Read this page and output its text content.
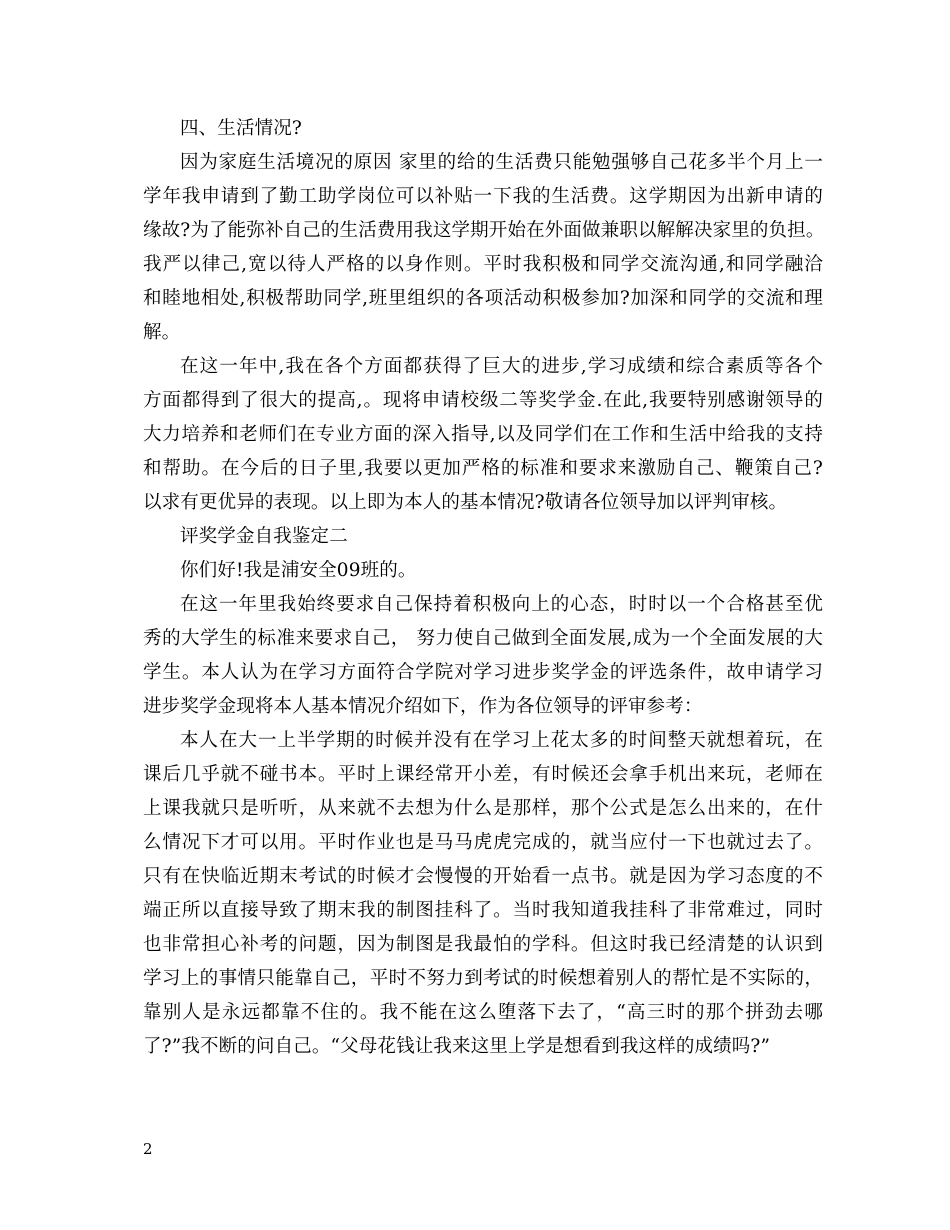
四、生活情况?
因为家庭生活境况的原因 家里的给的生活费只能勉强够自己花多半个月上一
学年我申请到了勤工助学岗位可以补贴一下我的生活费。这学期因为出新申请的
缘故?为了能弥补自己的生活费用我这学期开始在外面做兼职以解解决家里的负担。
我严以律己,宽以待人严格的以身作则。平时我积极和同学交流沟通,和同学融洽
和睦地相处,积极帮助同学,班里组织的各项活动积极参加?加深和同学的交流和理
解。
在这一年中,我在各个方面都获得了巨大的进步,学习成绩和综合素质等各个
方面都得到了很大的提高,。现将申请校级二等奖学金.在此,我要特别感谢领导的
大力培养和老师们在专业方面的深入指导,以及同学们在工作和生活中给我的支持
和帮助。在今后的日子里,我要以更加严格的标准和要求来激励自己、鞭策自己?
以求有更优异的表现。以上即为本人的基本情况?敬请各位领导加以评判审核。
评奖学金自我鉴定二
你们好!我是浦安全09班的。
在这一年里我始终要求自己保持着积极向上的心态，时时以一个合格甚至优
秀的大学生的标准来要求自己， 努力使自己做到全面发展,成为一个全面发展的大
学生。本人认为在学习方面符合学院对学习进步奖学金的评选条件，故申请学习
进步奖学金现将本人基本情况介绍如下，作为各位领导的评审参考：
本人在大一上半学期的时候并没有在学习上花太多的时间整天就想着玩，在
课后几乎就不碰书本。平时上课经常开小差，有时候还会拿手机出来玩，老师在
上课我就只是听听，从来就不去想为什么是那样，那个公式是怎么出来的，在什
么情况下才可以用。平时作业也是马马虎虎完成的，就当应付一下也就过去了。
只有在快临近期末考试的时候才会慢慢的开始看一点书。就是因为学习态度的不
端正所以直接导致了期末我的制图挂科了。当时我知道我挂科了非常难过，同时
也非常担心补考的问题，因为制图是我最怕的学科。但这时我已经清楚的认识到
学习上的事情只能靠自己，平时不努力到考试的时候想着别人的帮忙是不实际的，
靠别人是永远都靠不住的。我不能在这么堕落下去了，“高三时的那个拼劲去哪
了?”我不断的问自己。“父母花钱让我来这里上学是想看到我这样的成绩吗?”
2
